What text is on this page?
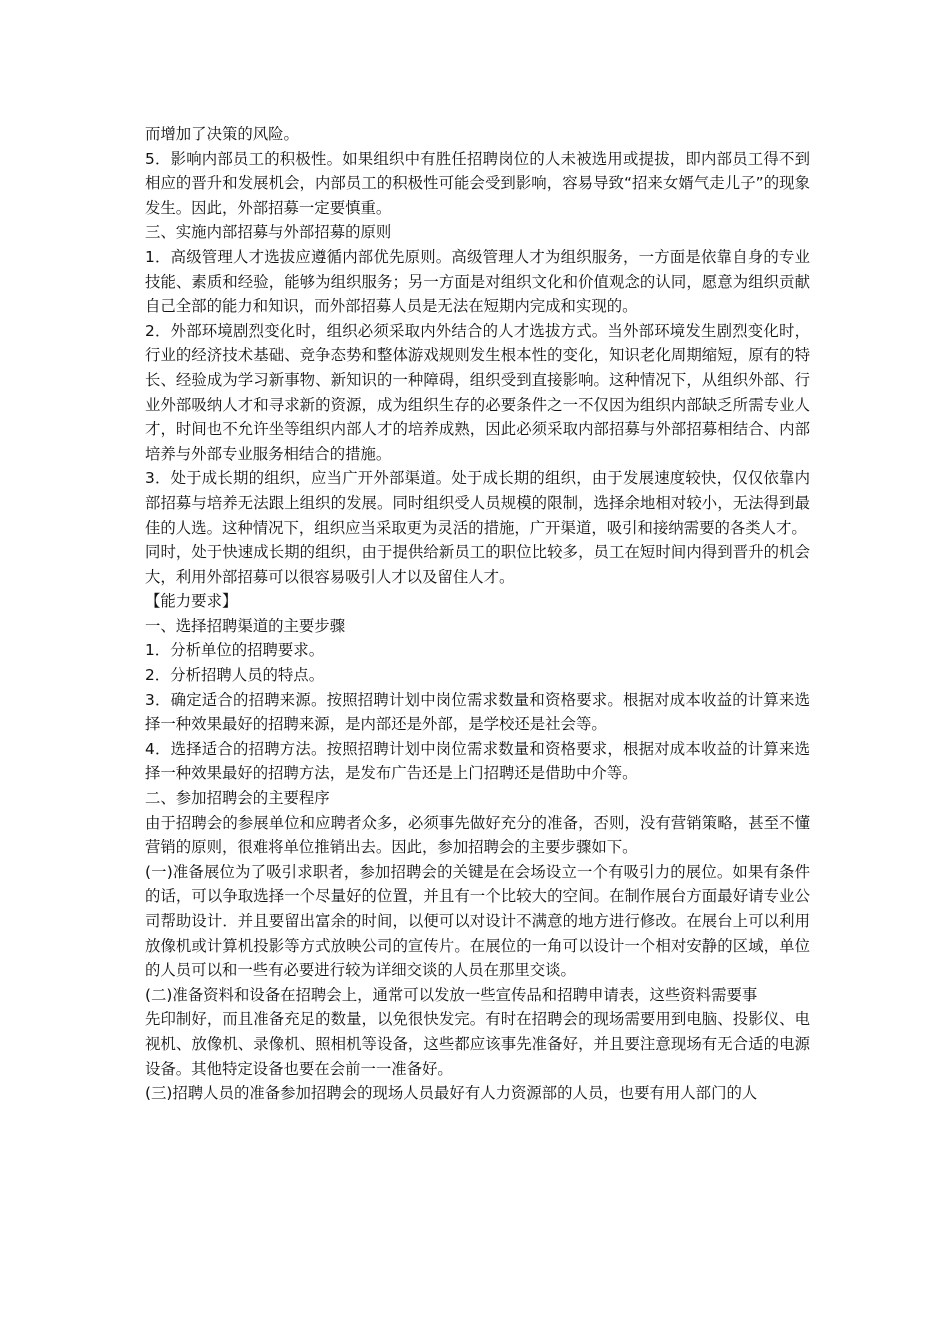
而增加了决策的风险。

5．影响内部员工的积极性。如果组织中有胜任招聘岗位的人未被选用或提拔，即内部员工得不到相应的晋升和发展机会，内部员工的积极性可能会受到影响，容易导致“招来女婿气走儿子”的现象发生。因此，外部招募一定要慎重。

三、实施内部招募与外部招募的原则

1．高级管理人才选拔应遵循内部优先原则。高级管理人才为组织服务，一方面是依靠自身的专业技能、素质和经验，能够为组织服务；另一方面是对组织文化和价值观念的认同，愿意为组织贡献自己全部的能力和知识，而外部招募人员是无法在短期内完成和实现的。

2．外部环境剧烈变化时，组织必须采取内外结合的人才选拔方式。当外部环境发生剧烈变化时，行业的经济技术基础、竞争态势和整体游戏规则发生根本性的变化，知识老化周期缩短，原有的特长、经验成为学习新事物、新知识的一种障碍，组织受到直接影响。这种情况下，从组织外部、行业外部吸纳人才和寻求新的资源，成为组织生存的必要条件之一不仅因为组织内部缺乏所需专业人才，时间也不允许坐等组织内部人才的培养成熟，因此必须采取内部招募与外部招募相结合、内部培养与外部专业服务相结合的措施。

3．处于成长期的组织，应当广开外部渠道。处于成长期的组织，由于发展速度较快，仅仅依靠内部招募与培养无法跟上组织的发展。同时组织受人员规模的限制，选择余地相对较小，无法得到最佳的人选。这种情况下，组织应当采取更为灵活的措施，广开渠道，吸引和接纳需要的各类人才。

同时，处于快速成长期的组织，由于提供给新员工的职位比较多，员工在短时间内得到晋升的机会大，利用外部招募可以很容易吸引人才以及留住人才。

【能力要求】

一、选择招聘渠道的主要步骤

1．分析单位的招聘要求。

2．分析招聘人员的特点。

3．确定适合的招聘来源。按照招聘计划中岗位需求数量和资格要求。根据对成本收益的计算来选择一种效果最好的招聘来源，是内部还是外部，是学校还是社会等。

4．选择适合的招聘方法。按照招聘计划中岗位需求数量和资格要求，根据对成本收益的计算来选择一种效果最好的招聘方法，是发布广告还是上门招聘还是借助中介等。

二、参加招聘会的主要程序

由于招聘会的参展单位和应聘者众多，必须事先做好充分的准备，否则，没有营销策略，甚至不懂营销的原则，很难将单位推销出去。因此，参加招聘会的主要步骤如下。

(一)准备展位为了吸引求职者，参加招聘会的关键是在会场设立一个有吸引力的展位。如果有条件的话，可以争取选择一个尽量好的位置，并且有一个比较大的空间。在制作展台方面最好请专业公司帮助设计．并且要留出富余的时间，以便可以对设计不满意的地方进行修改。在展台上可以利用放像机或计算机投影等方式放映公司的宣传片。在展位的一角可以设计一个相对安静的区域，单位的人员可以和一些有必要进行较为详细交谈的人员在那里交谈。

(二)准备资料和设备在招聘会上，通常可以发放一些宣传品和招聘申请表，这些资料需要事

先印制好，而且准备充足的数量，以免很快发完。有时在招聘会的现场需要用到电脑、投影仪、电视机、放像机、录像机、照相机等设备，这些都应该事先准备好，并且要注意现场有无合适的电源设备。其他特定设备也要在会前一一准备好。

(三)招聘人员的准备参加招聘会的现场人员最好有人力资源部的人员，也要有用人部门的人
